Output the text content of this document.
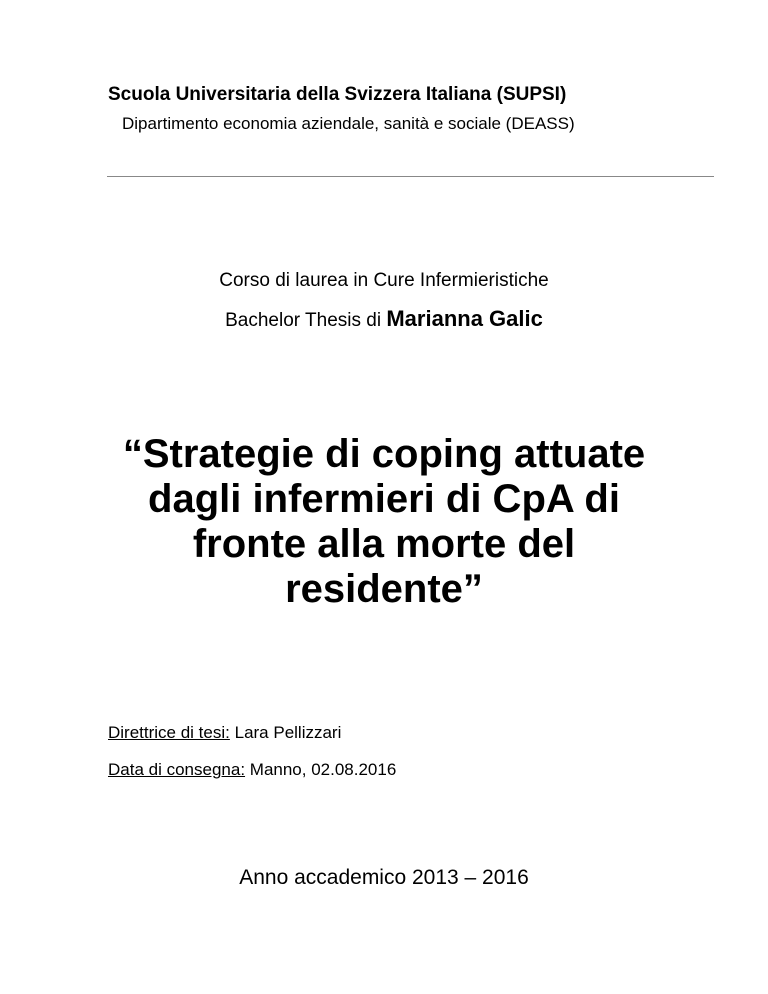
Scuola Universitaria della Svizzera Italiana (SUPSI)
Dipartimento economia aziendale, sanità e sociale (DEASS)
Corso di laurea in Cure Infermieristiche
Bachelor Thesis di Marianna Galic
“Strategie di coping attuate
dagli infermieri di CpA di
fronte alla morte del
residente”
Direttrice di tesi: Lara Pellizzari
Data di consegna: Manno, 02.08.2016
Anno accademico 2013 – 2016
